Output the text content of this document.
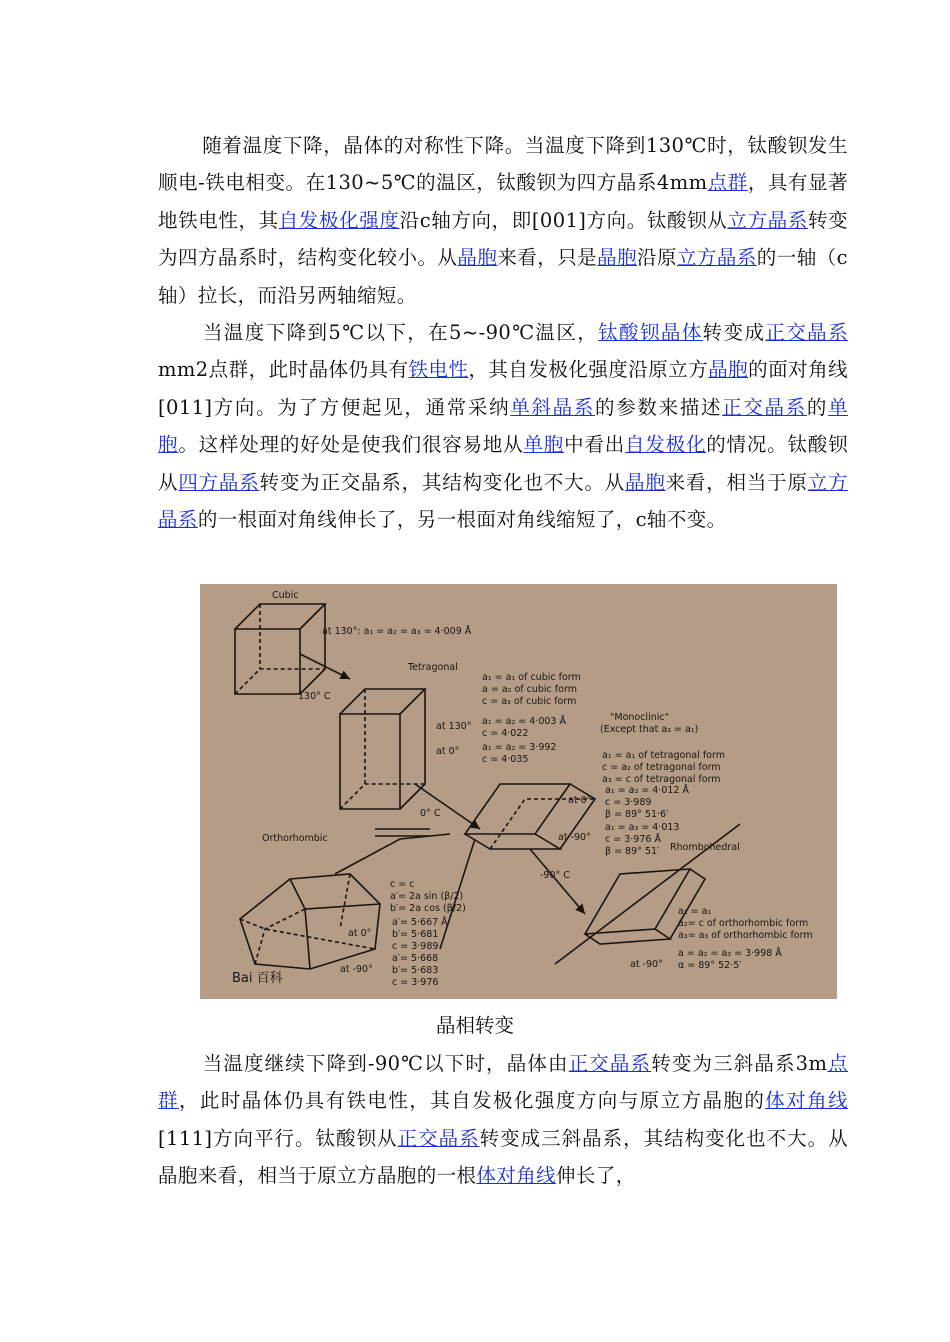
随着温度下降，晶体的对称性下降。当温度下降到130℃时，钛酸钡发生顺电-铁电相变。在130~5℃的温区，钛酸钡为四方晶系4mm点群，具有显著地铁电性，其自发极化强度沿c轴方向，即[001]方向。钛酸钡从立方晶系转变为四方晶系时，结构变化较小。从晶胞来看，只是晶胞沿原立方晶系的一轴（c轴）拉长，而沿另两轴缩短。
当温度下降到5℃以下，在5~-90℃温区，钛酸钡晶体转变成正交晶系mm2点群，此时晶体仍具有铁电性，其自发极化强度沿原立方晶胞的面对角线[011]方向。为了方便起见，通常采纳单斜晶系的参数来描述正交晶系的单胞。这样处理的好处是使我们很容易地从单胞中看出自发极化的情况。钛酸钡从四方晶系转变为正交晶系，其结构变化也不大。从晶胞来看，相当于原立方晶系的一根面对角线伸长了，另一根面对角线缩短了，c轴不变。
Cubic
at 130°: a₁ = a₂ = a₃ = 4·009 Å
130° C
Tetragonal
a₁ = a₁ of cubic form
a = a₂ of cubic form
c = a₃ of cubic form
at 130° a₁ = a₂ = 4·003 Å
c = 4·022
at 0° a₁ = a₂ = 3·992
c = 4·035
0° C
"Monoclinic"
(Except that a₃ = a₁)
a₁ = a₁ of tetragonal form
c = a₂ of tetragonal form
a₃ = c of tetragonal form
at 0°
a₁ = a₃ = 4·012 Å
c = 3·989
β = 89° 51·6′
at -90°
a₁ = a₃ = 4·013
c = 3·976 Å
β = 89° 51′
Orthorhombic
-90° C
c = c
a′= 2a sin (β/2)
b′= 2a cos (β/2)
at 0°
a′= 5·667 Å
b′= 5·681
c = 3·989
at -90°
a′= 5·668
b′= 5·683
c = 3·976
Rhombohedral
a₁ = a₁
a₂= c of orthorhombic form
a₃= a₃ of orthorhombic form
at -90°
a = a₂ = a₃ = 3·998 Å
α = 89° 52·5′
Bai 百科
晶相转变
当温度继续下降到-90℃以下时，晶体由正交晶系转变为三斜晶系3m点群，此时晶体仍具有铁电性，其自发极化强度方向与原立方晶胞的体对角线[111]方向平行。钛酸钡从正交晶系转变成三斜晶系，其结构变化也不大。从晶胞来看，相当于原立方晶胞的一根体对角线伸长了，
